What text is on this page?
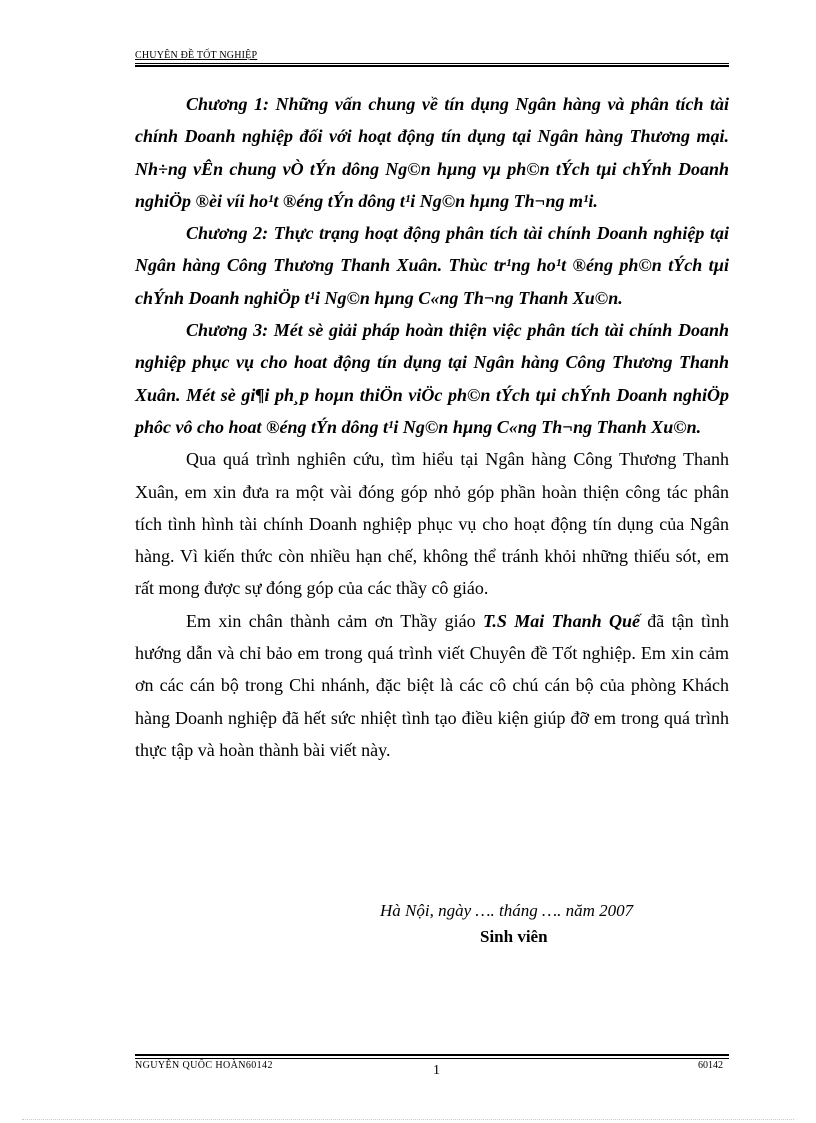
CHUYÊN ĐỀ TỐT NGHIỆP

Chương 1: Những vấn chung về tín dụng Ngân hàng và phân tích tài chính Doanh nghiệp đối với hoạt động tín dụng tại Ngân hàng Thương mại. Nh÷ng vÊn chung vÒ tÝn dông Ng©n hµng vµ ph©n tÝch tµi chÝnh Doanh nghiÖp ®èi víi ho¹t ®éng tÝn dông t¹i Ng©n hµng Th¬ng m¹i.

Chương 2: Thực trạng hoạt động phân tích tài chính Doanh nghiệp tại Ngân hàng Công Thương Thanh Xuân. Thùc tr¹ng ho¹t ®éng ph©n tÝch tµi chÝnh Doanh nghiÖp t¹i Ng©n hµng C«ng Th¬ng Thanh Xu©n.

Chương 3: Mét sè giải pháp hoàn thiện việc phân tích tài chính Doanh nghiệp phục vụ cho hoat động tín dụng tại Ngân hàng Công Thương Thanh Xuân. Mét sè gi¶i ph¸p hoµn thiÖn viÖc ph©n tÝch tµi chÝnh Doanh nghiÖp phôc vô cho hoat ®éng tÝn dông t¹i Ng©n hµng C«ng Th¬ng Thanh Xu©n.

Qua quá trình nghiên cứu, tìm hiểu tại Ngân hàng Công Thương Thanh Xuân, em xin đưa ra một vài đóng góp nhỏ góp phần hoàn thiện công tác phân tích tình hình tài chính Doanh nghiệp phục vụ cho hoạt động tín dụng của Ngân hàng. Vì kiến thức còn nhiều hạn chế, không thể tránh khỏi những thiếu sót, em rất mong được sự đóng góp của các thầy cô giáo.

Em xin chân thành cảm ơn Thầy giáo T.S Mai Thanh Quế đã tận tình hướng dẫn và chỉ bảo em trong quá trình viết Chuyên đề Tốt nghiệp. Em xin cảm ơn các cán bộ trong Chi nhánh, đặc biệt là các cô chú cán bộ của phòng Khách hàng Doanh nghiệp đã hết sức nhiệt tình tạo điều kiện giúp đỡ em trong quá trình thực tập và hoàn thành bài viết này.

Hà Nội, ngày …. tháng …. năm 2007
Sinh viên
NGUYỄN QUỐC HOÀN60142	1	60142
